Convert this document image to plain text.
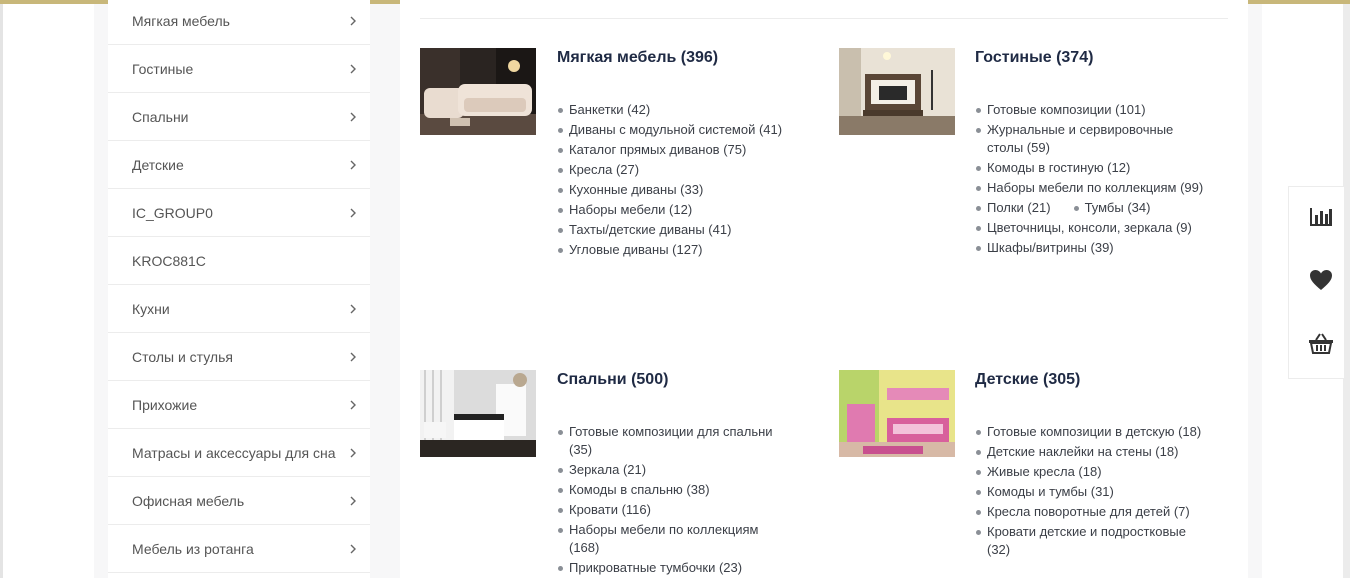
Мягкая мебель
Гостиные
Спальни
Детские
IC_GROUP0
KROC881C
Кухни
Столы и стулья
Прихожие
Матрасы и аксессуары для сна
Офисная мебель
Мебель из ротанга
Мягкая мебель (396)
Банкетки (42)
Диваны с модульной системой (41)
Каталог прямых диванов (75)
Кресла (27)
Кухонные диваны (33)
Наборы мебели (12)
Тахты/детские диваны (41)
Угловые диваны (127)
Гостиные (374)
Готовые композиции (101)
Журнальные и сервировочные столы (59)
Комоды в гостиную (12)
Наборы мебели по коллекциям (99)
Полки (21)	Тумбы (34)
Цветочницы, консоли, зеркала (9)
Шкафы/витрины (39)
Спальни (500)
Готовые композиции для спальни (35)
Зеркала (21)
Комоды в спальню (38)
Кровати (116)
Наборы мебели по коллекциям (168)
Прикроватные тумбочки (23)
Детские (305)
Готовые композиции в детскую (18)
Детские наклейки на стены (18)
Живые кресла (18)
Комоды и тумбы (31)
Кресла поворотные для детей (7)
Кровати детские и подростковые (32)
